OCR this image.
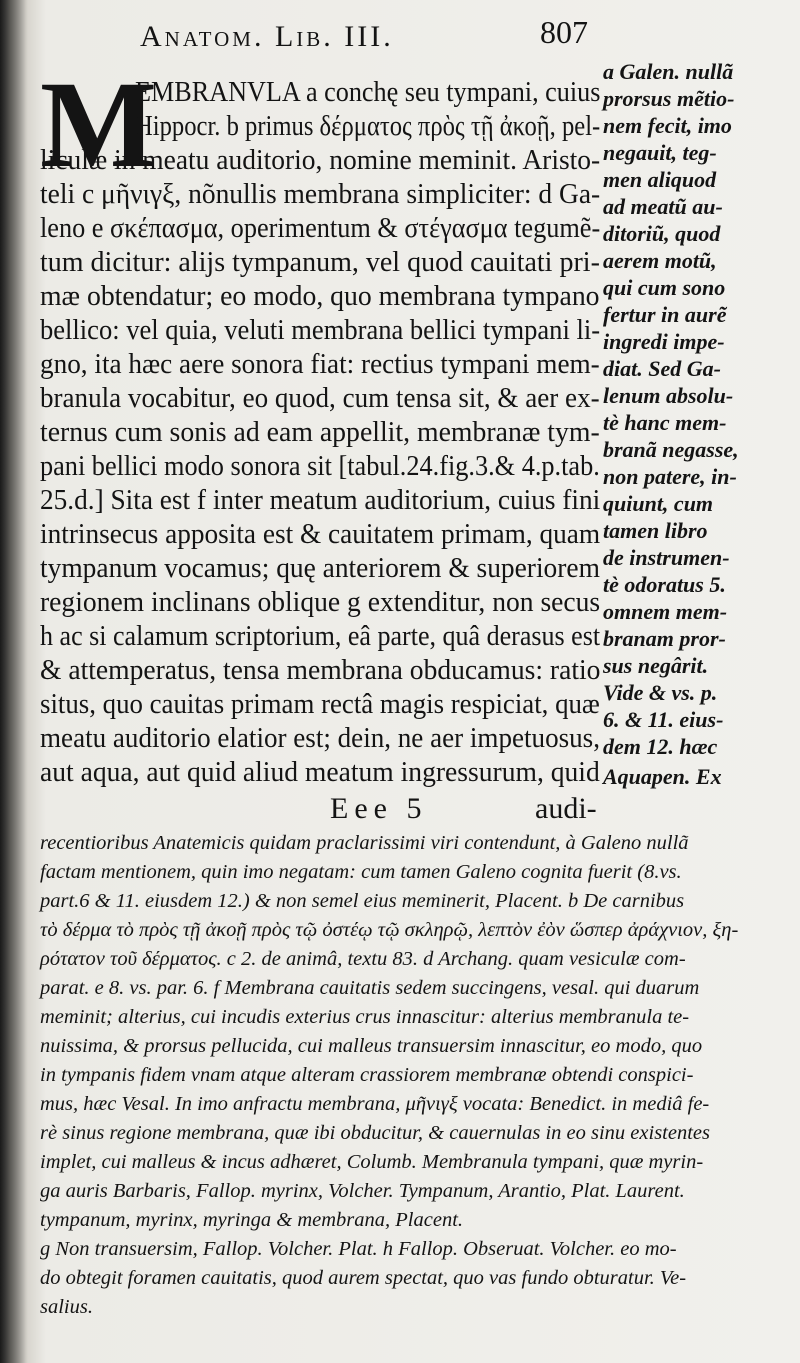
Anatom. Lib. III.	807
M
EMBRANVLA a conchę seu tympani, cuius
Hippocr. b primus δέρματος πρὸς τῇ ἀκοῇ, pel-
liculæ in meatu auditorio, nomine meminit. Aristo-
teli c μῆνιγξ, nõnullis membrana simpliciter: d Ga-
leno e σκέπασμα, operimentum & στέγασμα tegumẽ-
tum dicitur: alijs tympanum, vel quod cauitati pri-
mæ obtendatur; eo modo, quo membrana tympano
bellico: vel quia, veluti membrana bellici tympani li-
gno, ita hæc aere sonora fiat: rectius tympani mem-
branula vocabitur, eo quod, cum tensa sit, & aer ex-
ternus cum sonis ad eam appellit, membranæ tym-
pani bellici modo sonora sit [tabul.24.fig.3.& 4.p.tab.
25.d.] Sita est f inter meatum auditorium, cuius fini
intrinsecus apposita est & cauitatem primam, quam
tympanum vocamus; quę anteriorem & superiorem
regionem inclinans oblique g extenditur, non secus
h ac si calamum scriptorium, eâ parte, quâ derasus est
& attemperatus, tensa membrana obducamus: ratio
situs, quo cauitas primam rectâ magis respiciat, quæ
meatu auditorio elatior est; dein, ne aer impetuosus,
aut aqua, aut quid aliud meatum ingressurum, quid
Eee 5	audi-
a Galen. nullã
prorsus mẽtio-
nem fecit, imo
negauit, teg-
men aliquod
ad meatũ au-
ditoriũ, quod
aerem motũ,
qui cum sono
fertur in aurẽ
ingredi impe-
diat. Sed Ga-
lenum absolu-
tè hanc mem-
branã negasse,
non patere, in-
quiunt, cum
tamen libro
de instrumen-
tè odoratus 5.
omnem mem-
branam pror-
sus negârit.
Vide & vs. p.
6. & 11. eius-
dem 12. hæc
Aquapen. Ex
recentioribus Anatemicis quidam praclarissimi viri contendunt, à Galeno nullã
factam mentionem, quin imo negatam: cum tamen Galeno cognita fuerit (8.vs.
part.6 & 11. eiusdem 12.) & non semel eius meminerit, Placent. b De carnibus
τὸ δέρμα τὸ πρὸς τῇ ἀκοῇ πρὸς τῷ ὀστέῳ τῷ σκληρῷ, λεπτὸν ἐὸν ὥσπερ ἀράχνιον, ξη-
ρότατον τοῦ δέρματος. c 2. de animâ, textu 83. d Archang. quam vesiculæ com-
parat. e 8. vs. par. 6. f Membrana cauitatis sedem succingens, vesal. qui duarum
meminit; alterius, cui incudis exterius crus innascitur: alterius membranula te-
nuissima, & prorsus pellucida, cui malleus transuersim innascitur, eo modo, quo
in tympanis fidem vnam atque alteram crassiorem membranæ obtendi conspici-
mus, hæc Vesal. In imo anfractu membrana, μῆνιγξ vocata: Benedict. in mediâ fe-
rè sinus regione membrana, quæ ibi obducitur, & cauernulas in eo sinu existentes
implet, cui malleus & incus adhæret, Columb. Membranula tympani, quæ myrin-
ga auris Barbaris, Fallop. myrinx, Volcher. Tympanum, Arantio, Plat. Laurent.
tympanum, myrinx, myringa & membrana, Placent.
g Non transuersim, Fallop. Volcher. Plat. h Fallop. Obseruat. Volcher. eo mo-
do obtegit foramen cauitatis, quod aurem spectat, quo vas fundo obturatur. Ve-
salius.
